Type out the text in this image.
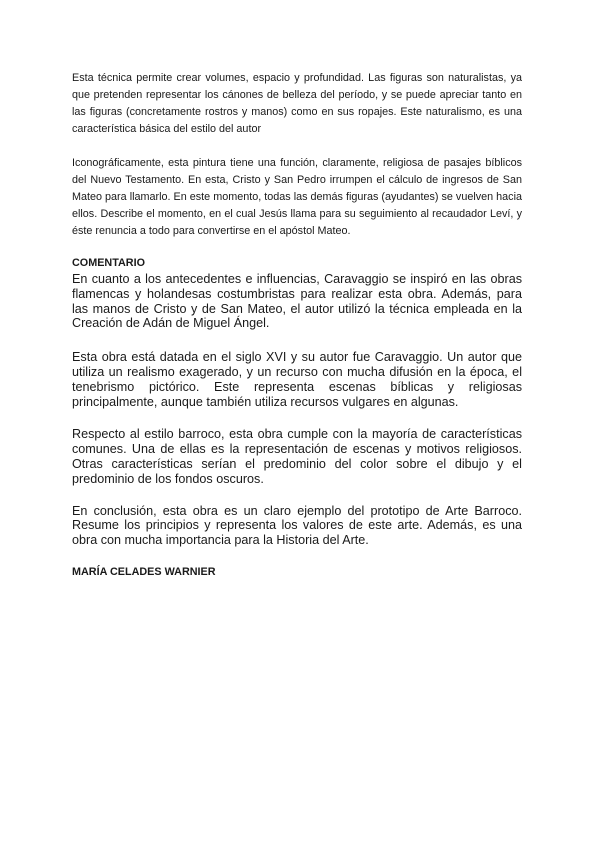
Esta técnica permite crear volumes, espacio y profundidad. Las figuras son naturalistas, ya que pretenden representar los cánones de belleza del período, y se puede apreciar tanto en las figuras (concretamente rostros y manos) como en sus ropajes. Este naturalismo, es una característica básica del estilo del autor

Iconográficamente, esta pintura tiene una función, claramente, religiosa de pasajes bíblicos del Nuevo Testamento. En esta, Cristo y San Pedro irrumpen el cálculo de ingresos de San Mateo para llamarlo. En este momento, todas las demás figuras (ayudantes) se vuelven hacia ellos. Describe el momento, en el cual Jesús llama para su seguimiento al recaudador Leví, y éste renuncia a todo para convertirse en el apóstol Mateo.

COMENTARIO

En cuanto a los antecedentes e influencias, Caravaggio se inspiró en las obras flamencas y holandesas costumbristas para realizar esta obra. Además, para las manos de Cristo y de San Mateo, el autor utilizó la técnica empleada en la Creación de Adán de Miguel Ángel.

Esta obra está datada en el siglo XVI y su autor fue Caravaggio. Un autor que utiliza un realismo exagerado, y un recurso con mucha difusión en la época, el tenebrismo pictórico. Este representa escenas bíblicas y religiosas principalmente, aunque también utiliza recursos vulgares en algunas.

Respecto al estilo barroco, esta obra cumple con la mayoría de características comunes. Una de ellas es la representación de escenas y motivos religiosos. Otras características serían el predominio del color sobre el dibujo y el predominio de los fondos oscuros.

En conclusión, esta obra es un claro ejemplo del prototipo de Arte Barroco. Resume los principios y representa los valores de este arte. Además, es una obra con mucha importancia para la Historia del Arte.

MARÍA CELADES WARNIER
